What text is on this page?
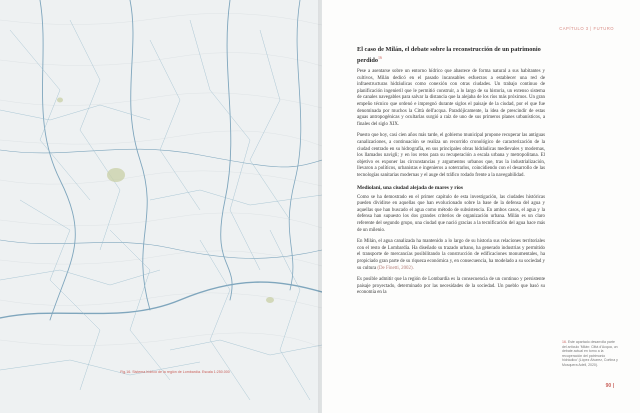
Fig.16. Sistema hídrico de la región de Lombardía. Escala 1:250.000
CAPÍTULO 3 | FUTURO
El caso de Milán, el debate sobre la reconstrucción de un patrimonio perdido$^{16}$

Pese a asentarse sobre un entorno hídrico que abastece de forma natural a sus habitantes y cultivos, Milán dedicó en el pasado incansables esfuerzos a establecer una red de infraestructuras hidráulicas como conexión con otras ciudades. Un trabajo continuo de planificación ingenieril que le permitió construir, a lo largo de su historia, un extenso sistema de canales navegables para salvar la distancia que la alejaba de los ríos más próximos. Un gran empeño técnico que ordenó e impregnó durante siglos el paisaje de la ciudad, por el que fue denominada por muchos la Città dell'acqua. Paradójicamente, la idea de prescindir de estas aguas antropogénicas y ocultarlas surgió a raíz de uno de sus primeros planes urbanísticos, a finales del siglo XIX.

Puesto que hoy, casi cien años más tarde, el gobierno municipal propone recuperar las antiguas canalizaciones, a continuación se realiza un recorrido cronológico de caracterización de la ciudad centrado en su hidrografía, en sus principales obras hidráulicas medievales y modernas, los llamados navigli; y en los retos para su recuperación a escala urbana y metropolitana. El objetivo es exponer las circunstancias y argumentos urbanos que, tras la industrialización, llevaron a políticos, urbanistas e ingenieros a soterrarlos, coincidiendo con el desarrollo de las tecnologías sanitarias modernas y el auge del tráfico rodado frente a la navegabilidad.

Mediolani, una ciudad alejada de mares y ríos

Como se ha demostrado en el primer capítulo de esta investigación, las ciudades históricas pueden dividirse en aquellas que han evolucionado sobre la base de la defensa del agua y aquellas que han buscado el agua como método de subsistencia. En ambos casos, el agua y la defensa han supuesto los dos grandes criterios de organización urbana. Milán es un claro referente del segundo grupo, una ciudad que nació gracias a la tecnificación del agua hace más de un milenio.

En Milán, el agua canalizada ha mantenido a lo largo de su historia sus relaciones territoriales con el resto de Lombardía. Ha diseñado su trazado urbano, ha generado industrias y permitido el transporte de mercancías posibilitando la construcción de edificaciones monumentales, ha propiciado gran parte de su riqueza económica y, en consecuencia, ha modelado a su sociedad y su cultura (De Finetti, 2002).

Es posible admitir que la región de Lombardía es la consecuencia de un continuo y persistente paisaje proyectado, determinado por las necesidades de la sociedad. Un pueblo que basó su economía en la

16. Este apartado desarrolla parte del artículo 'Milán: Città d'Acqua, un debate actual en torno a la recuperación del patrimonio hidráulico' (López Álvarez, Cortina y Mosquera Adell, 2020).
90 |
